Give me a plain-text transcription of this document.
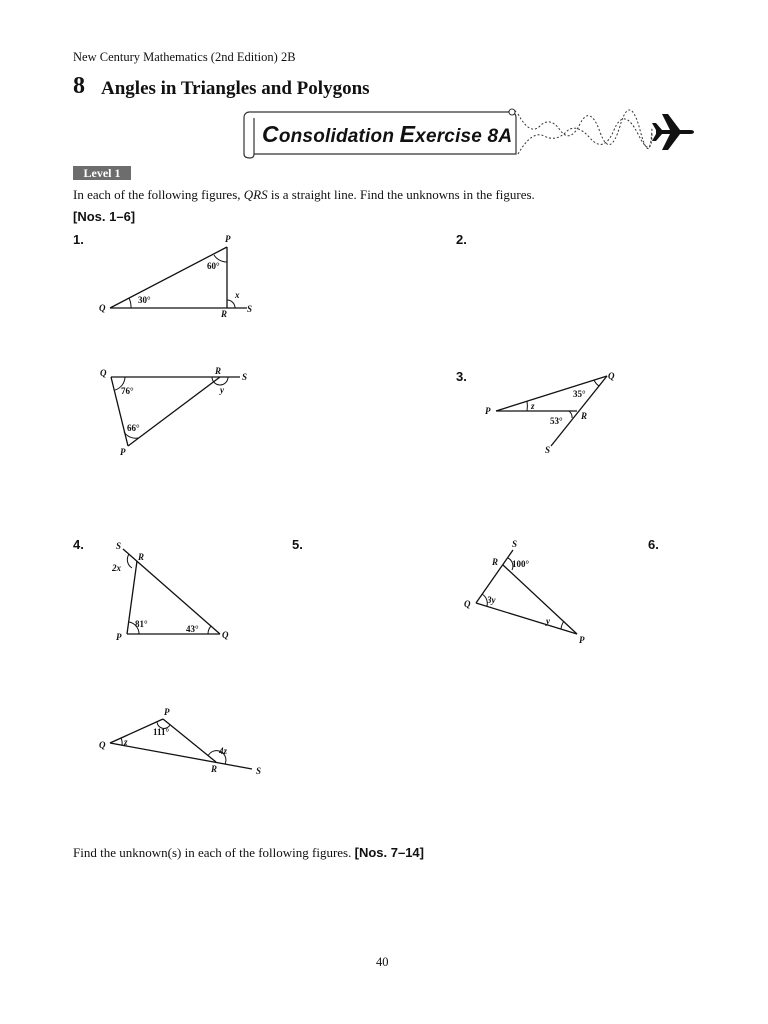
New Century Mathematics (2nd Edition) 2B
8 Angles in Triangles and Polygons
Consolidation Exercise 8A
Level 1
In each of the following figures, QRS is a straight line. Find the unknowns in the figures.
[Nos. 1–6]
1.	2.
3.
4.	5.	6.
P
Q
R S
60°
30°	x
Q	R
S
P
76°
66°
y
Q
P	R
S
35°
53°
z
S
R
P	Q
81°	43°
2x
S
R
Q
P
100°
3y
y
P
Q
R	S
111°
z
4z
Find the unknown(s) in each of the following figures. [Nos. 7–14]
40
